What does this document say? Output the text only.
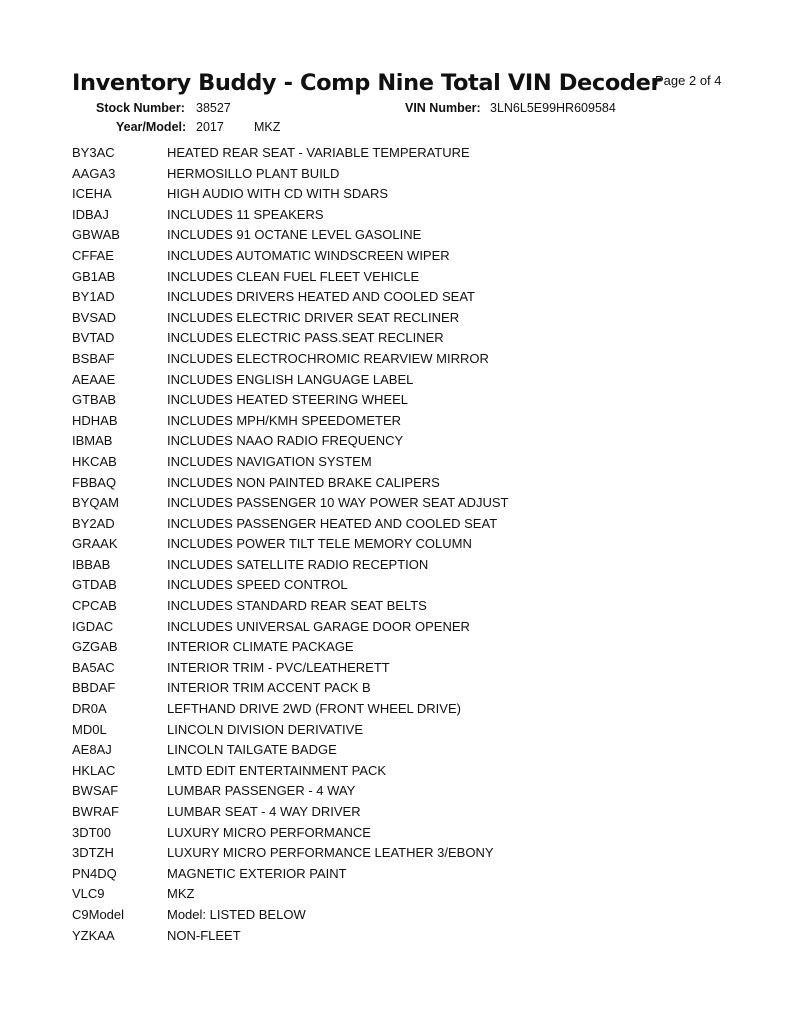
Page 2 of 4
Inventory Buddy - Comp Nine Total VIN Decoder
Stock Number: 38527	VIN Number: 3LN6L5E99HR609584
Year/Model: 2017 MKZ
BY3AC	HEATED REAR SEAT - VARIABLE TEMPERATURE
AAGA3	HERMOSILLO PLANT BUILD
ICEHA	HIGH AUDIO WITH CD WITH SDARS
IDBAJ	INCLUDES 11 SPEAKERS
GBWAB	INCLUDES 91 OCTANE LEVEL GASOLINE
CFFAE	INCLUDES AUTOMATIC WINDSCREEN WIPER
GB1AB	INCLUDES CLEAN FUEL FLEET VEHICLE
BY1AD	INCLUDES DRIVERS HEATED AND COOLED SEAT
BVSAD	INCLUDES ELECTRIC DRIVER SEAT RECLINER
BVTAD	INCLUDES ELECTRIC PASS.SEAT RECLINER
BSBAF	INCLUDES ELECTROCHROMIC REARVIEW MIRROR
AEAAE	INCLUDES ENGLISH LANGUAGE LABEL
GTBAB	INCLUDES HEATED STEERING WHEEL
HDHAB	INCLUDES MPH/KMH SPEEDOMETER
IBMAB	INCLUDES NAAO RADIO FREQUENCY
HKCAB	INCLUDES NAVIGATION SYSTEM
FBBAQ	INCLUDES NON PAINTED BRAKE CALIPERS
BYQAM	INCLUDES PASSENGER 10 WAY POWER SEAT ADJUST
BY2AD	INCLUDES PASSENGER HEATED AND COOLED SEAT
GRAAK	INCLUDES POWER TILT TELE MEMORY COLUMN
IBBAB	INCLUDES SATELLITE RADIO RECEPTION
GTDAB	INCLUDES SPEED CONTROL
CPCAB	INCLUDES STANDARD REAR SEAT BELTS
IGDAC	INCLUDES UNIVERSAL GARAGE DOOR OPENER
GZGAB	INTERIOR CLIMATE PACKAGE
BA5AC	INTERIOR TRIM - PVC/LEATHERETT
BBDAF	INTERIOR TRIM ACCENT PACK B
DR0A	LEFTHAND DRIVE 2WD (FRONT WHEEL DRIVE)
MD0L	LINCOLN DIVISION DERIVATIVE
AE8AJ	LINCOLN TAILGATE BADGE
HKLAC	LMTD EDIT ENTERTAINMENT PACK
BWSAF	LUMBAR PASSENGER - 4 WAY
BWRAF	LUMBAR SEAT - 4 WAY DRIVER
3DT00	LUXURY MICRO PERFORMANCE
3DTZH	LUXURY MICRO PERFORMANCE LEATHER 3/EBONY
PN4DQ	MAGNETIC EXTERIOR PAINT
VLC9	MKZ
C9Model	Model: LISTED BELOW
YZKAA	NON-FLEET
